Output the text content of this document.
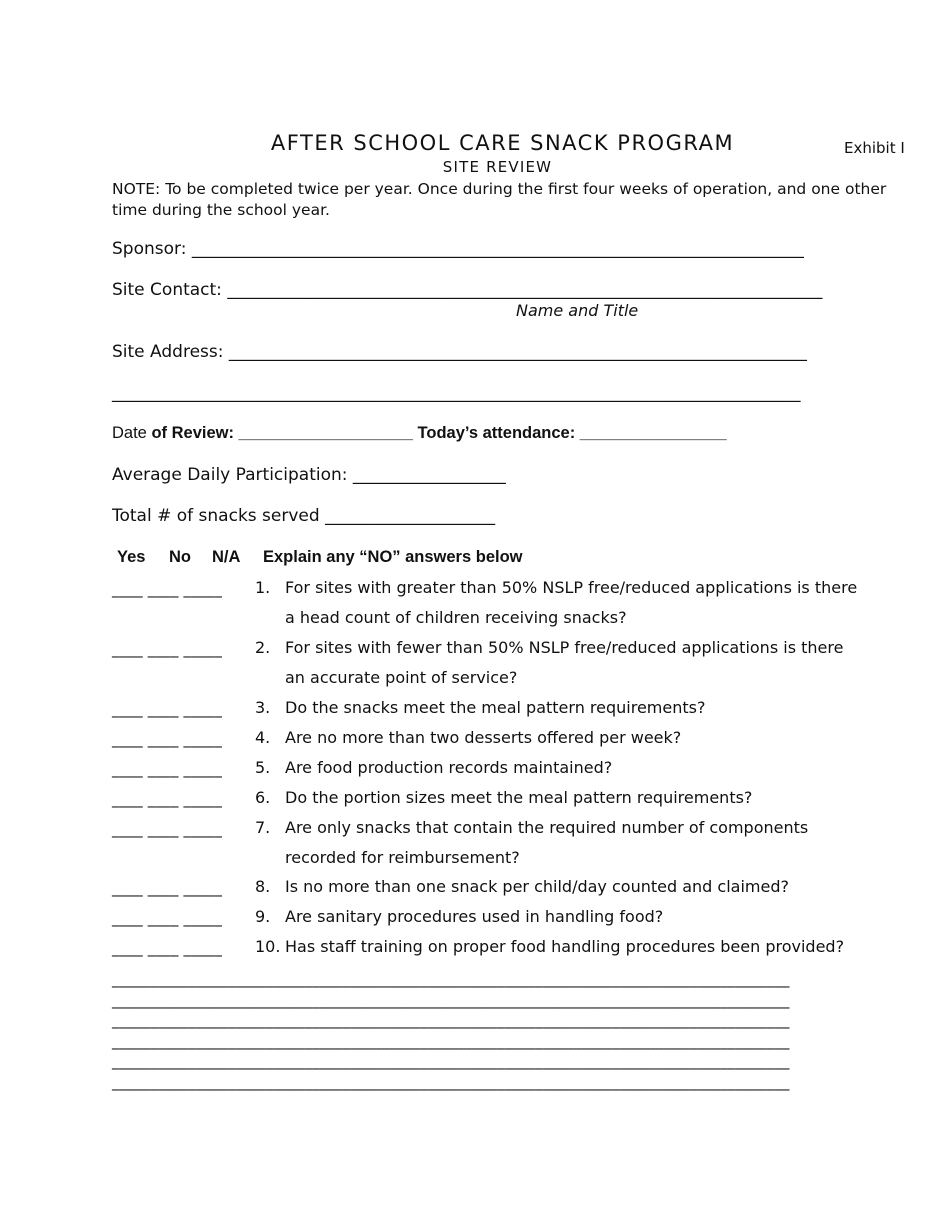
AFTER SCHOOL CARE SNACK PROGRAM
SITE REVIEW
Exhibit I
NOTE: To be completed twice per year. Once during the first four weeks of operation, and one other time during the school year.
Sponsor: ________________________________________________________________________
Site Contact: ______________________________________________________________________
Name and Title
Site Address: ____________________________________________________________________
_________________________________________________________________________________
Date of Review: ___________________ Today’s attendance: ________________
Average Daily Participation: __________________
Total # of snacks served ____________________
Yes No N/A Explain any “NO” answers below
____ ____ _____ 1. For sites with greater than 50% NSLP free/reduced applications is there
a head count of children receiving snacks?
____ ____ _____ 2. For sites with fewer than 50% NSLP free/reduced applications is there
an accurate point of service?
____ ____ _____ 3. Do the snacks meet the meal pattern requirements?
____ ____ _____ 4. Are no more than two desserts offered per week?
____ ____ _____ 5. Are food production records maintained?
____ ____ _____ 6. Do the portion sizes meet the meal pattern requirements?
____ ____ _____ 7. Are only snacks that contain the required number of components
recorded for reimbursement?
____ ____ _____ 8. Is no more than one snack per child/day counted and claimed?
____ ____ _____ 9. Are sanitary procedures used in handling food?
____ ____ _____ 10. Has staff training on proper food handling procedures been provided?
________________________________________________________________________________________
________________________________________________________________________________________
________________________________________________________________________________________
________________________________________________________________________________________
________________________________________________________________________________________
________________________________________________________________________________________
